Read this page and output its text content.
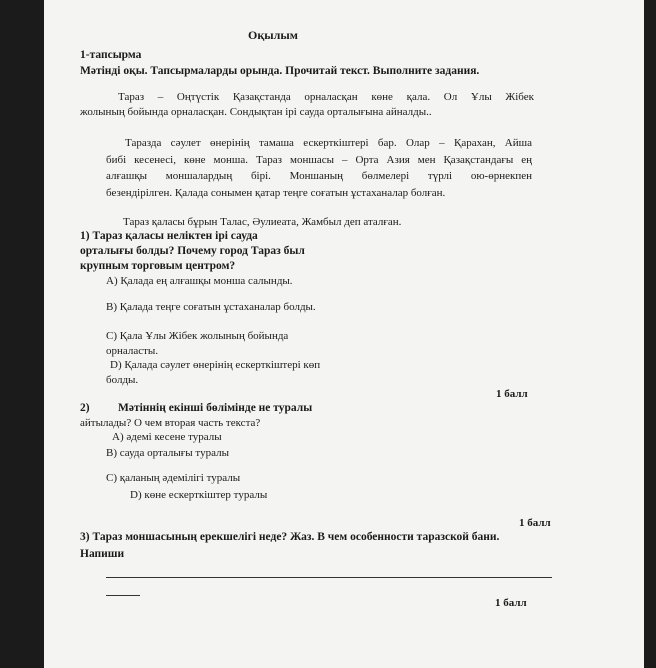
Оқылым
1-тапсырма
Мәтінді оқы. Тапсырмаларды орында. Прочитай текст. Выполните задания.
Тараз – Оңтүстік Қазақстанда орналасқан көне қала. Ол Ұлы Жібек
жолының бойында орналасқан. Сондықтан ірі сауда орталығына айналды..
Таразда сәулет өнерінің тамаша ескерткіштері бар. Олар – Қарахан, Айша
бибі кесенесі, көне монша. Тараз моншасы – Орта Азия мен Қазақстандағы ең
алғашқы моншалардың бірі. Моншаның бөлмелері түрлі ою-өрнекпен
безендірілген. Қалада сонымен қатар теңге соғатын ұстаханалар болған.
Тараз қаласы бұрын Талас, Әулиеата, Жамбыл деп аталған.
1) Тараз қаласы неліктен ірі сауда
орталығы болды? Почему город Тараз был
крупным торговым центром?
А) Қалада ең алғашқы монша салынды.
В) Қалада теңге соғатын ұстаханалар болды.
С) Қала Ұлы Жібек жолының бойында
орналасты.
D) Қалада сәулет өнерінің ескерткіштері көп
болды.
1 балл
2) Мәтіннің екінші бөлімінде не туралы
айтылады? О чем вторая часть текста?
А) әдемі кесене туралы
В) сауда орталығы туралы
С) қаланың әдемілігі туралы
D) көне ескерткіштер туралы
1 балл
3) Тараз моншасының ерекшелігі неде? Жаз. В чем особенности таразской бани.
Напиши
1 балл
